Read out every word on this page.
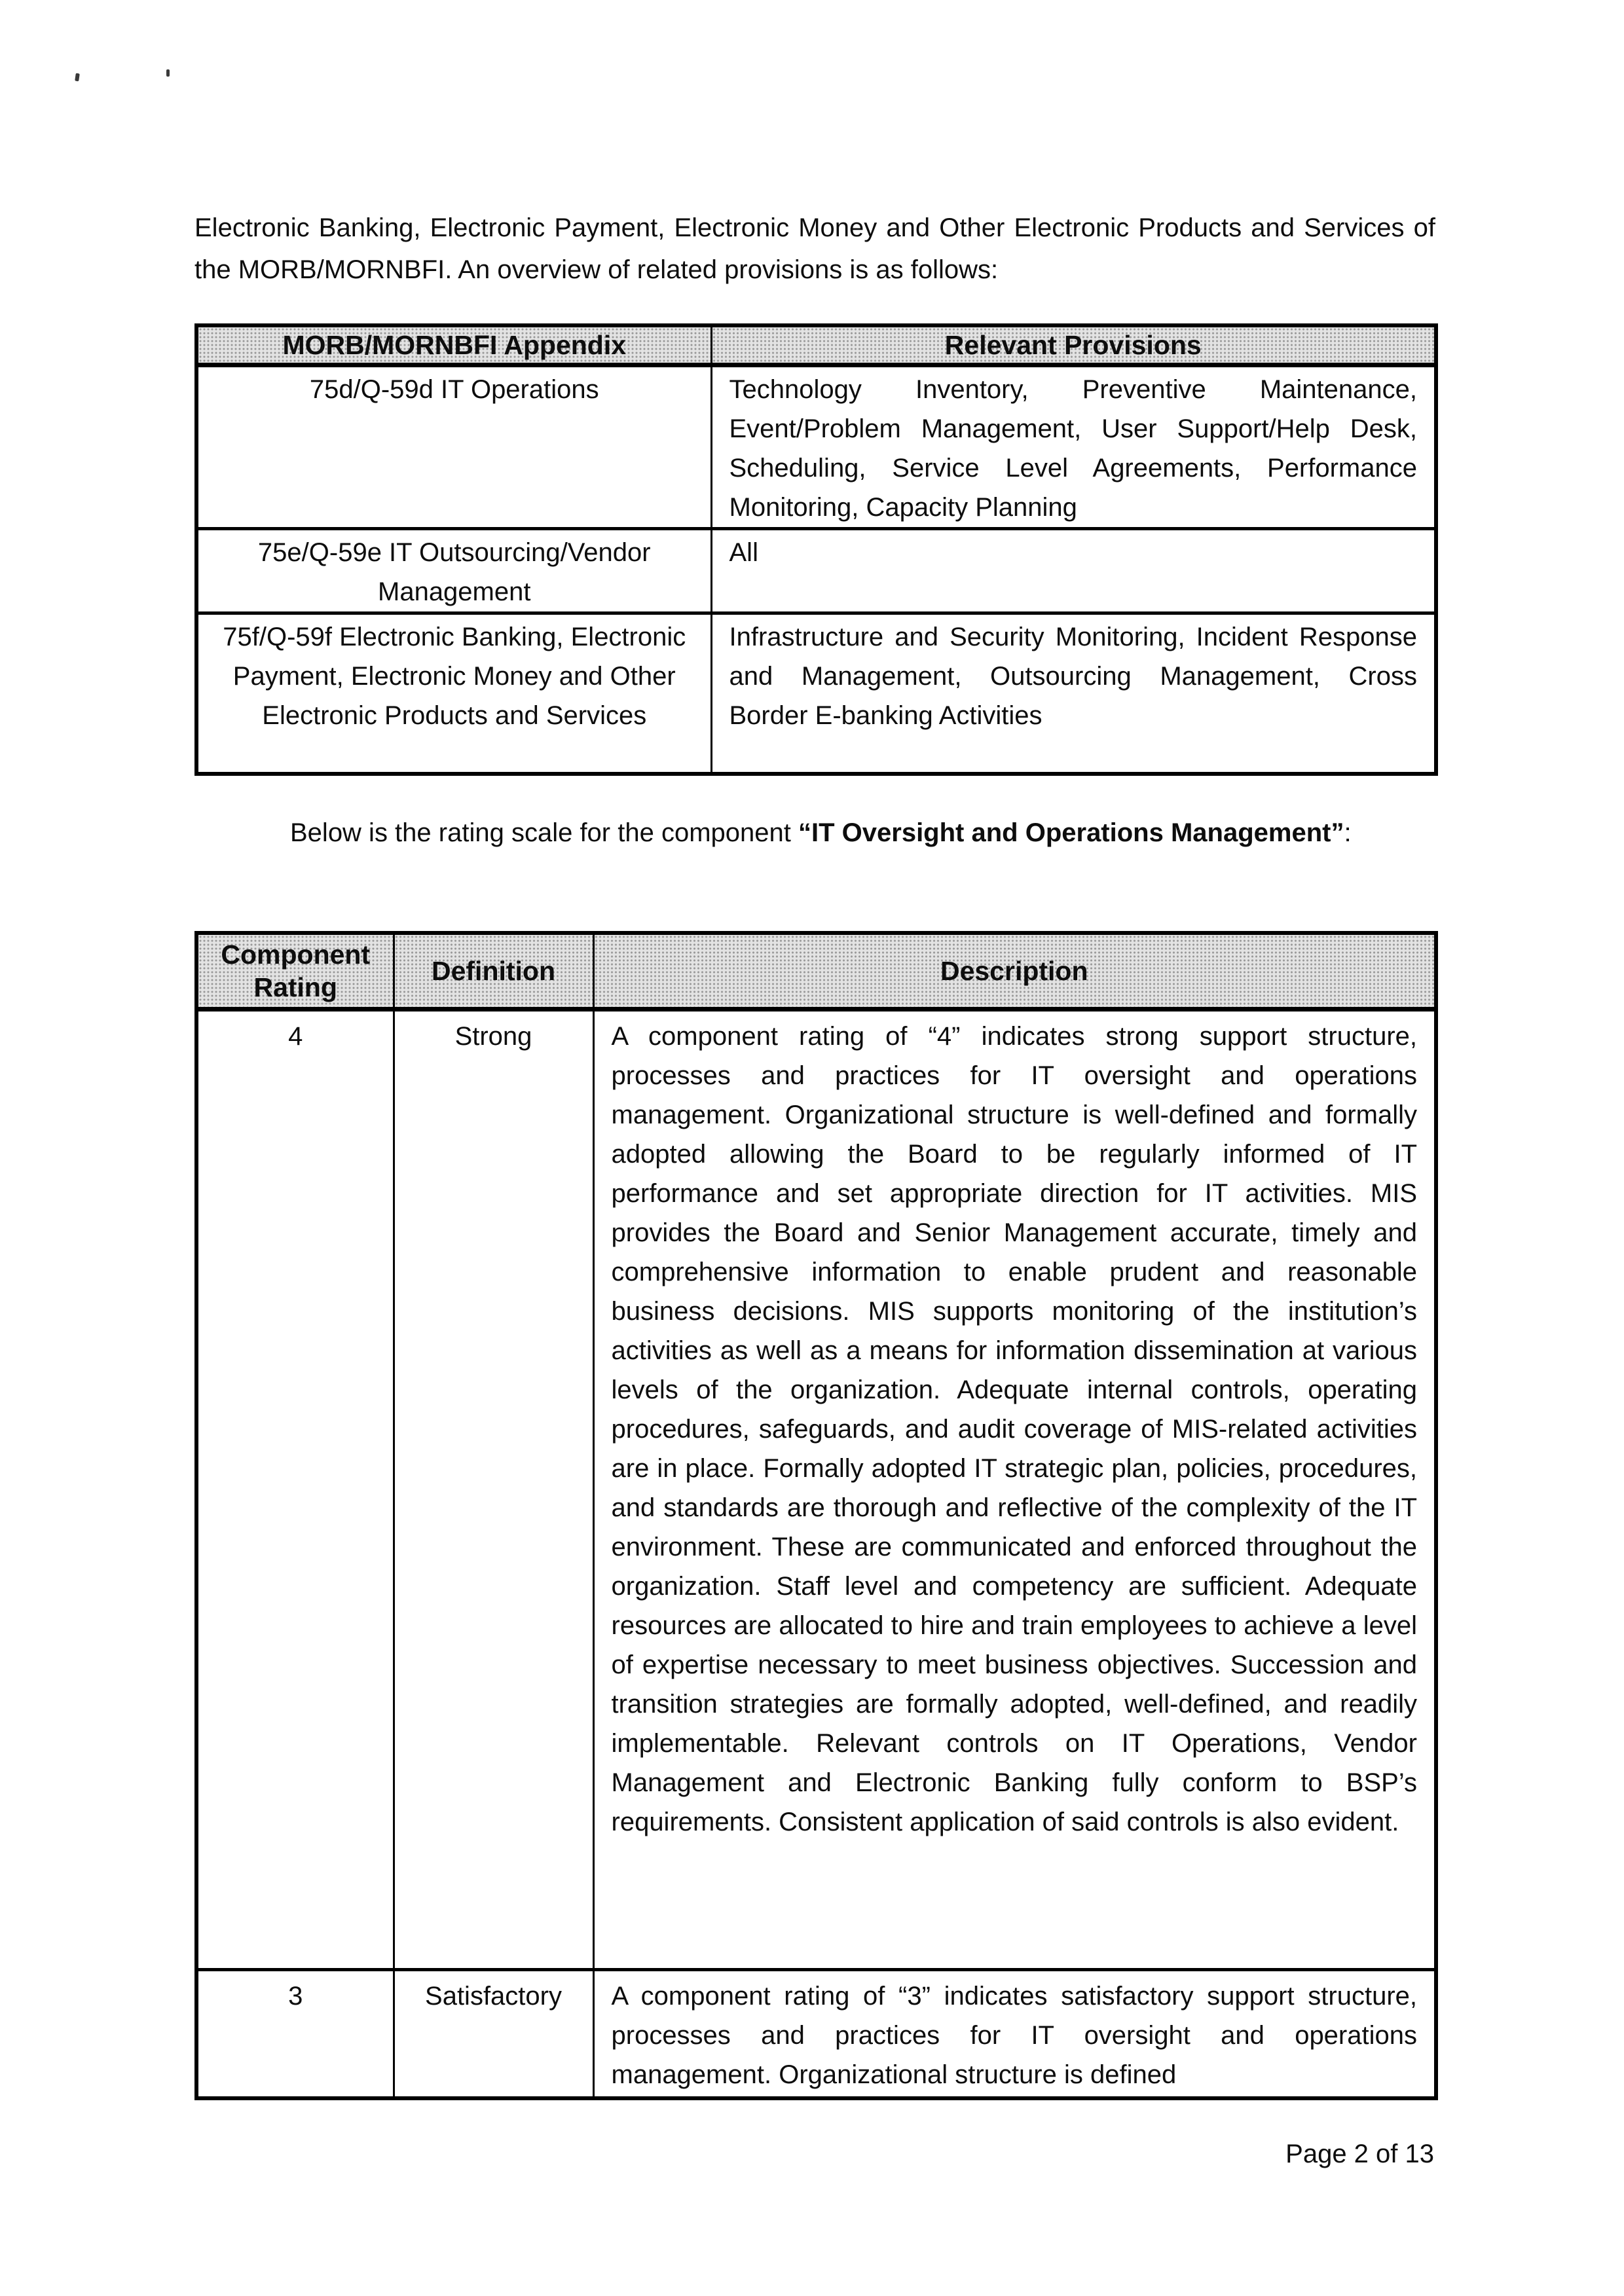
Electronic Banking, Electronic Payment, Electronic Money and Other Electronic Products and Services of the MORB/MORNBFI. An overview of related provisions is as follows:

MORB/MORNBFI Appendix	Relevant Provisions
75d/Q-59d IT Operations	Technology Inventory, Preventive Maintenance, Event/Problem Management, User Support/Help Desk, Scheduling, Service Level Agreements, Performance Monitoring, Capacity Planning
75e/Q-59e IT Outsourcing/Vendor Management	All
75f/Q-59f Electronic Banking, Electronic Payment, Electronic Money and Other Electronic Products and Services	Infrastructure and Security Monitoring, Incident Response and Management, Outsourcing Management, Cross Border E-banking Activities

Below is the rating scale for the component “IT Oversight and Operations Management”:

Component Rating	Definition	Description
4	Strong	A component rating of “4” indicates strong support structure, processes and practices for IT oversight and operations management. Organizational structure is well-defined and formally adopted allowing the Board to be regularly informed of IT performance and set appropriate direction for IT activities. MIS provides the Board and Senior Management accurate, timely and comprehensive information to enable prudent and reasonable business decisions. MIS supports monitoring of the institution’s activities as well as a means for information dissemination at various levels of the organization. Adequate internal controls, operating procedures, safeguards, and audit coverage of MIS-related activities are in place. Formally adopted IT strategic plan, policies, procedures, and standards are thorough and reflective of the complexity of the IT environment. These are communicated and enforced throughout the organization. Staff level and competency are sufficient. Adequate resources are allocated to hire and train employees to achieve a level of expertise necessary to meet business objectives. Succession and transition strategies are formally adopted, well-defined, and readily implementable. Relevant controls on IT Operations, Vendor Management and Electronic Banking fully conform to BSP’s requirements. Consistent application of said controls is also evident.
3	Satisfactory	A component rating of “3” indicates satisfactory support structure, processes and practices for IT oversight and operations management. Organizational structure is defined
Page 2 of 13
